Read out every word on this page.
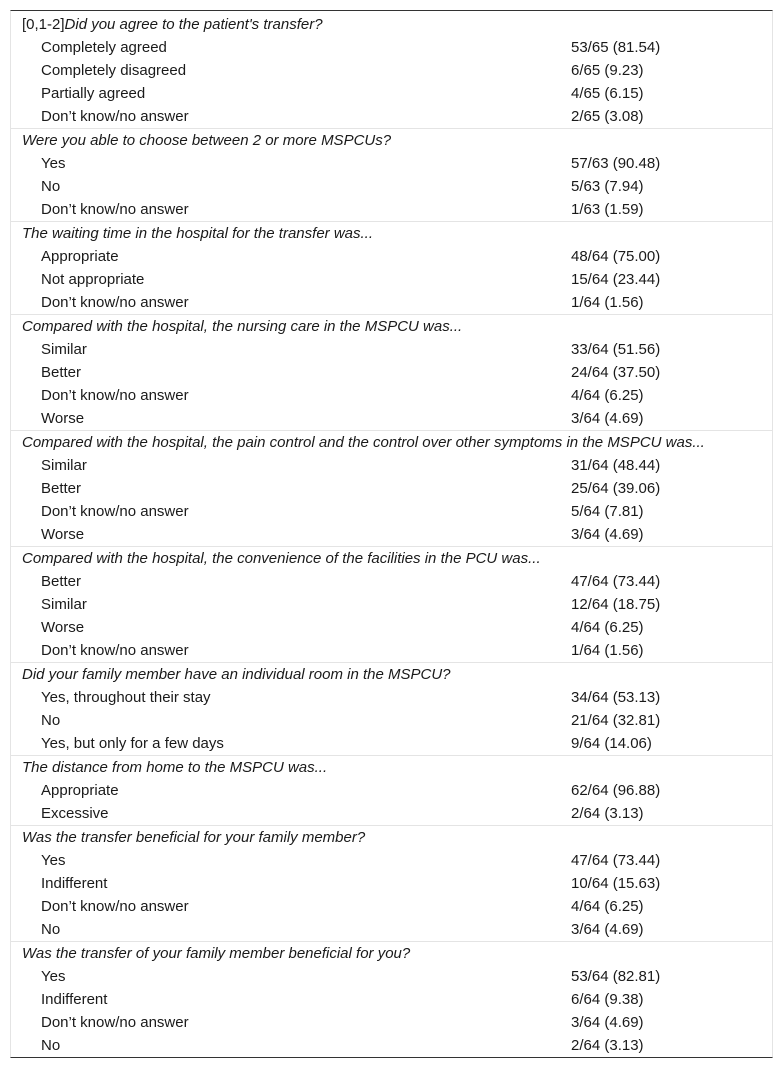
[0,1-2]Did you agree to the patient's transfer?
Completely agreed	53/65 (81.54)
Completely disagreed	6/65 (9.23)
Partially agreed	4/65 (6.15)
Don’t know/no answer	2/65 (3.08)
Were you able to choose between 2 or more MSPCUs?
Yes	57/63 (90.48)
No	5/63 (7.94)
Don’t know/no answer	1/63 (1.59)
The waiting time in the hospital for the transfer was...
Appropriate	48/64 (75.00)
Not appropriate	15/64 (23.44)
Don’t know/no answer	1/64 (1.56)
Compared with the hospital, the nursing care in the MSPCU was...
Similar	33/64 (51.56)
Better	24/64 (37.50)
Don’t know/no answer	4/64 (6.25)
Worse	3/64 (4.69)
Compared with the hospital, the pain control and the control over other symptoms in the MSPCU was...
Similar	31/64 (48.44)
Better	25/64 (39.06)
Don’t know/no answer	5/64 (7.81)
Worse	3/64 (4.69)
Compared with the hospital, the convenience of the facilities in the PCU was...
Better	47/64 (73.44)
Similar	12/64 (18.75)
Worse	4/64 (6.25)
Don’t know/no answer	1/64 (1.56)
Did your family member have an individual room in the MSPCU?
Yes, throughout their stay	34/64 (53.13)
No	21/64 (32.81)
Yes, but only for a few days	9/64 (14.06)
The distance from home to the MSPCU was...
Appropriate	62/64 (96.88)
Excessive	2/64 (3.13)
Was the transfer beneficial for your family member?
Yes	47/64 (73.44)
Indifferent	10/64 (15.63)
Don’t know/no answer	4/64 (6.25)
No	3/64 (4.69)
Was the transfer of your family member beneficial for you?
Yes	53/64 (82.81)
Indifferent	6/64 (9.38)
Don’t know/no answer	3/64 (4.69)
No	2/64 (3.13)
